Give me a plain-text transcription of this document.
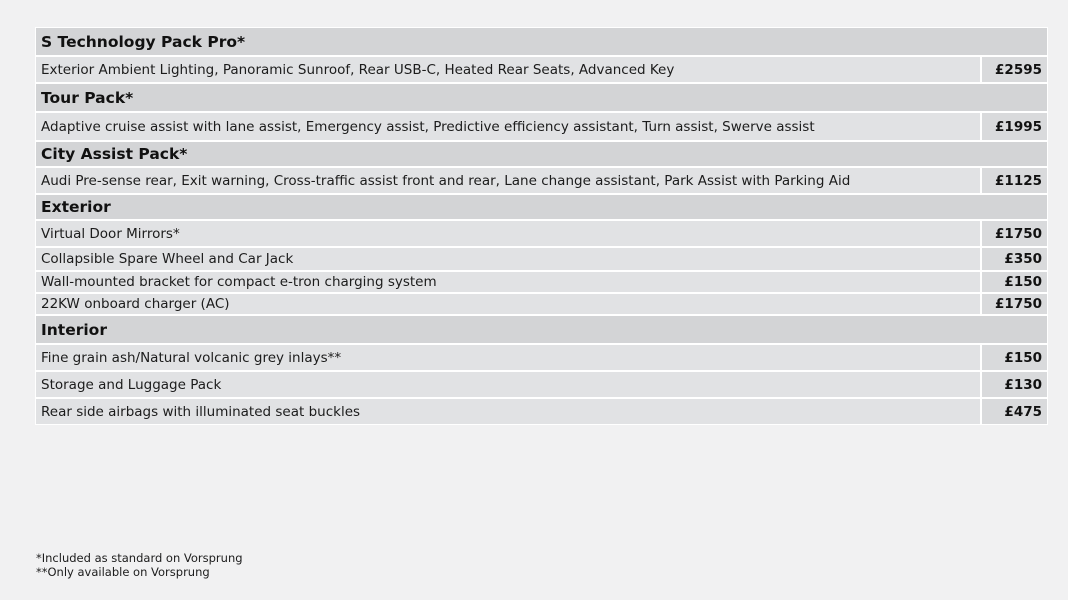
S Technology Pack Pro*
Exterior Ambient Lighting, Panoramic Sunroof, Rear USB-C, Heated Rear Seats, Advanced Key	£2595
Tour Pack*
Adaptive cruise assist with lane assist, Emergency assist, Predictive efficiency assistant, Turn assist, Swerve assist	£1995
City Assist Pack*
Audi Pre-sense rear, Exit warning, Cross-traffic assist front and rear, Lane change assistant, Park Assist with Parking Aid	£1125
Exterior
Virtual Door Mirrors*	£1750
Collapsible Spare Wheel and Car Jack	£350
Wall-mounted bracket for compact e-tron charging system	£150
22KW onboard charger (AC)	£1750
Interior
Fine grain ash/Natural volcanic grey inlays**	£150
Storage and Luggage Pack	£130
Rear side airbags with illuminated seat buckles	£475
*Included as standard on Vorsprung
**Only available on Vorsprung
